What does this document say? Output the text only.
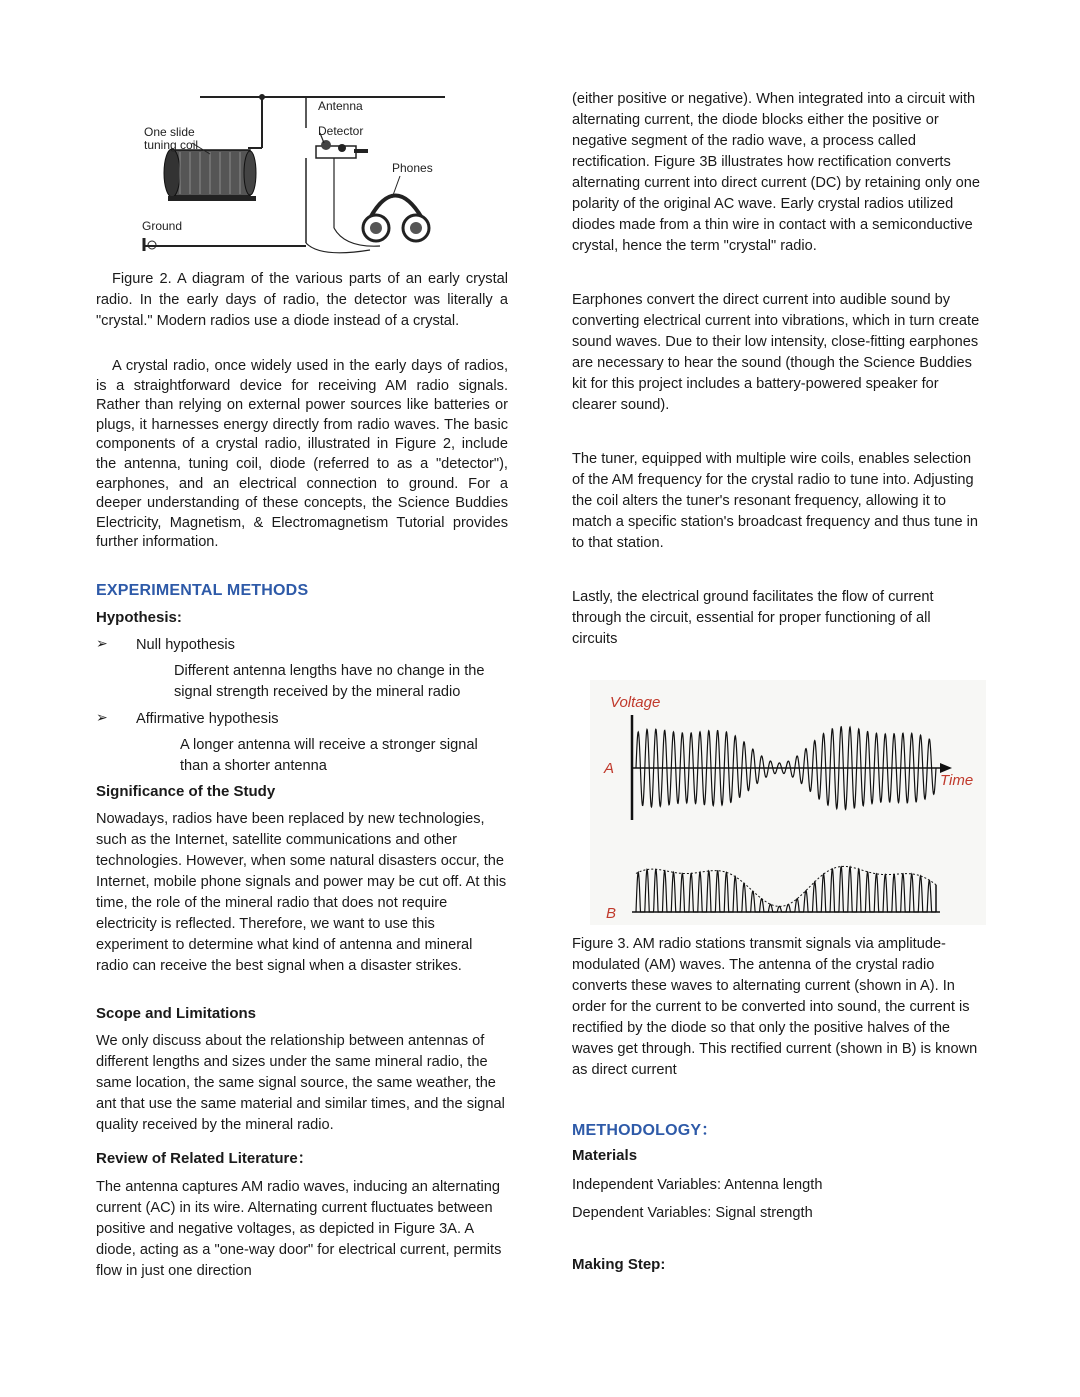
Antenna
Detector
Phones
One slide
tuning coil
Ground

Figure 2. A diagram of the various parts of an early crystal radio. In the early days of radio, the detector was literally a "crystal." Modern radios use a diode instead of a crystal.

A crystal radio, once widely used in the early days of radios, is a straightforward device for receiving AM radio signals. Rather than relying on external power sources like batteries or plugs, it harnesses energy directly from radio waves. The basic components of a crystal radio, illustrated in Figure 2, include the antenna, tuning coil, diode (referred to as a "detector"), earphones, and an electrical connection to ground. For a deeper understanding of these concepts, the Science Buddies Electricity, Magnetism, & Electromagnetism Tutorial provides further information.

EXPERIMENTAL METHODS
Hypothesis:
➢	Null hypothesis

Different antenna lengths have no change in the signal strength received by the mineral radio

➢	Affirmative hypothesis

A longer antenna will receive a stronger signal than a shorter antenna

Significance of the Study

Nowadays, radios have been replaced by new technologies, such as the Internet, satellite communications and other technologies. However, when some natural disasters occur, the Internet, mobile phone signals and power may be cut off. At this time, the role of the mineral radio that does not require electricity is reflected. Therefore, we want to use this experiment to determine what kind of antenna and mineral radio can receive the best signal when a disaster strikes.

Scope and Limitations

We only discuss about the relationship between antennas of different lengths and sizes under the same mineral radio, the same location, the same signal source, the same weather, the ant that use the same material and similar times, and the signal quality received by the mineral radio.

Review of Related Literature：

The antenna captures AM radio waves, inducing an alternating current (AC) in its wire. Alternating current fluctuates between positive and negative voltages, as depicted in Figure 3A. A diode, acting as a "one-way door" for electrical current, permits flow in just one direction

(either positive or negative). When integrated into a circuit with alternating current, the diode blocks either the positive or negative segment of the radio wave, a process called rectification. Figure 3B illustrates how rectification converts alternating current into direct current (DC) by retaining only one polarity of the original AC wave. Early crystal radios utilized diodes made from a thin wire in contact with a semiconductive crystal, hence the term "crystal" radio.

Earphones convert the direct current into audible sound by converting electrical current into vibrations, which in turn create sound waves. Due to their low intensity, close-fitting earphones are necessary to hear the sound (though the Science Buddies kit for this project includes a battery-powered speaker for clearer sound).

The tuner, equipped with multiple wire coils, enables selection of the AM frequency for the crystal radio to tune into. Adjusting the coil alters the tuner's resonant frequency, allowing it to match a specific station's broadcast frequency and thus tune in to that station.

Lastly, the electrical ground facilitates the flow of current through the circuit, essential for proper functioning of all circuits

Voltage
A
Time
B

Figure 3. AM radio stations transmit signals via amplitude-modulated (AM) waves. The antenna of the crystal radio converts these waves to alternating current (shown in A). In order for the current to be converted into sound, the current is rectified by the diode so that only the positive halves of the waves get through. This rectified current (shown in B) is known as direct current

METHODOLOGY：
Materials

Independent Variables: Antenna length

Dependent Variables: Signal strength

Making Step:
